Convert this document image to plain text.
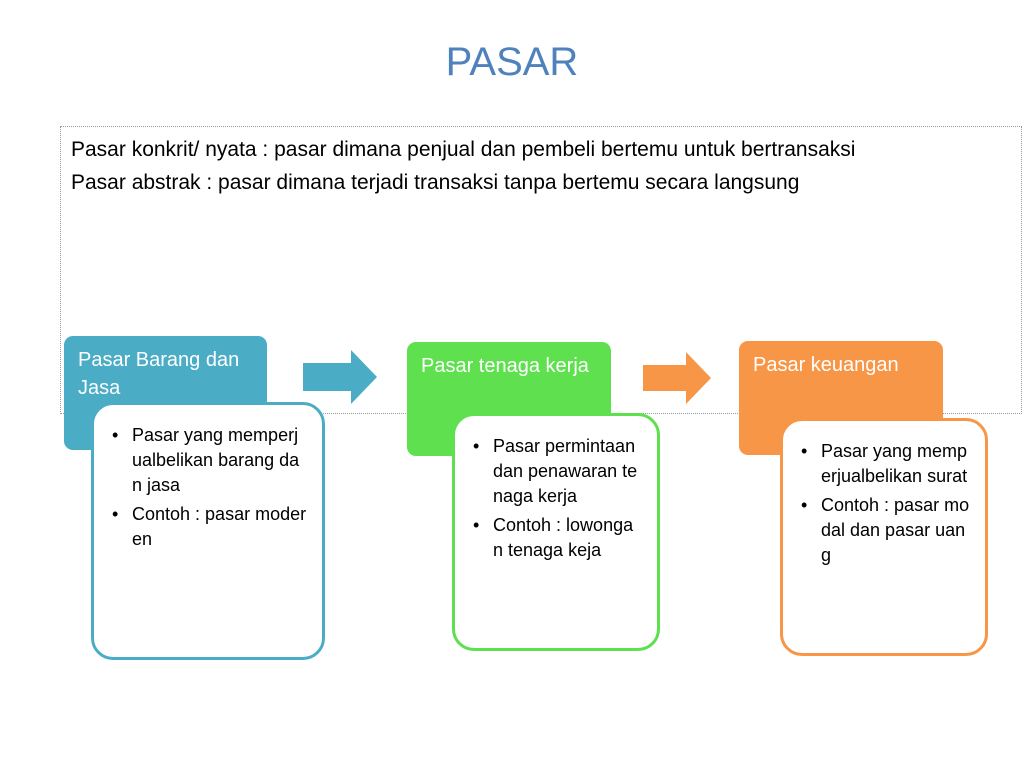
PASAR
Pasar konkrit/ nyata : pasar dimana penjual dan pembeli bertemu untuk bertransaksi
Pasar abstrak : pasar dimana terjadi transaksi tanpa bertemu secara langsung
Pasar Barang dan Jasa
• Pasar yang memperjualbelikan barang dan jasa
• Contoh : pasar moderen
Pasar tenaga kerja
• Pasar permintaan dan penawaran tenaga kerja
• Contoh : lowongan tenaga keja
Pasar keuangan
• Pasar yang memperjualbelikan surat
• Contoh : pasar modal dan pasar uang
